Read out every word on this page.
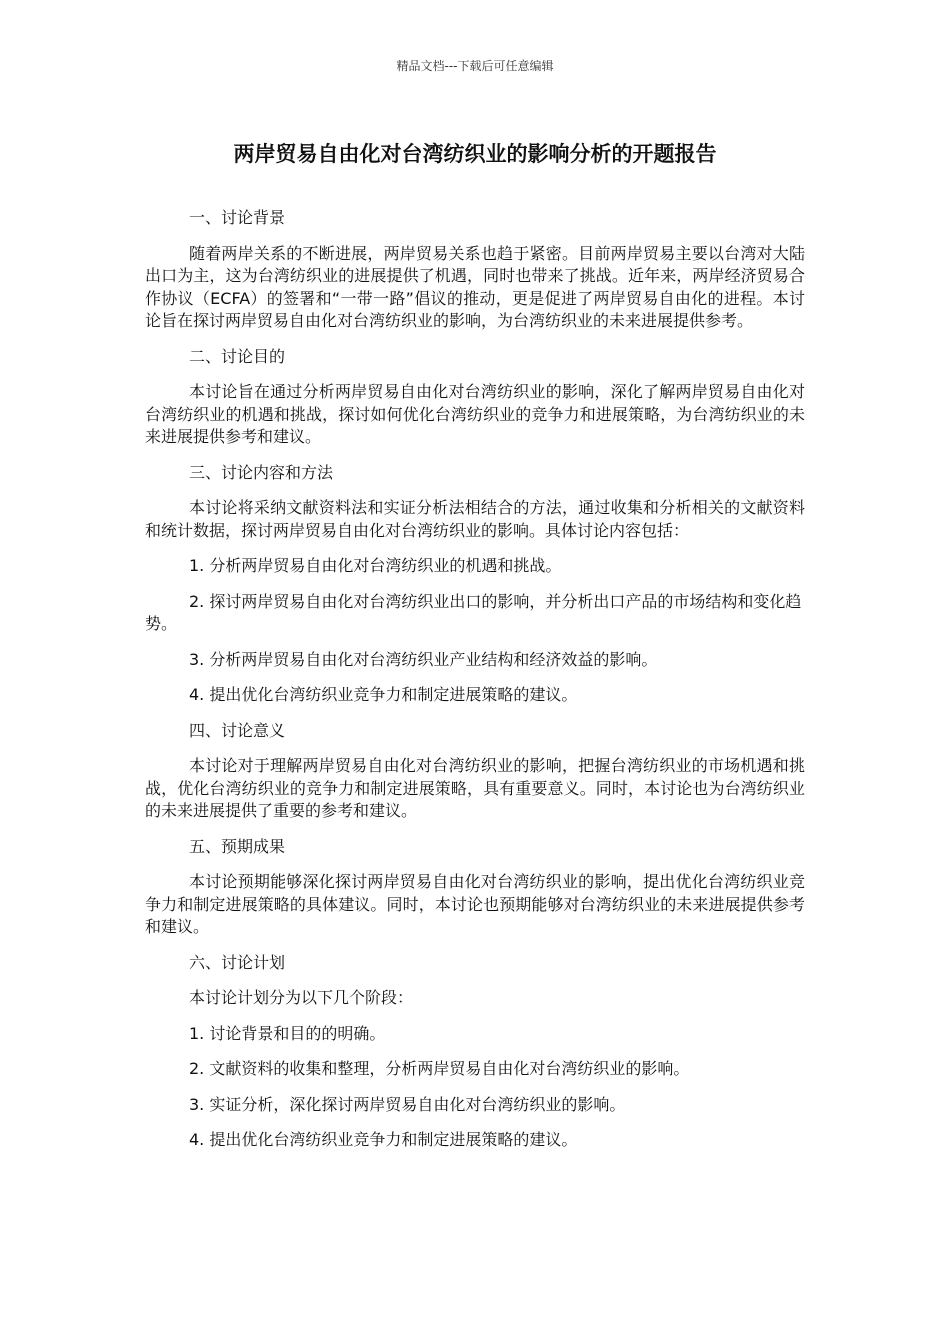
精品文档---下载后可任意编辑
两岸贸易自由化对台湾纺织业的影响分析的开题报告
一、讨论背景
随着两岸关系的不断进展，两岸贸易关系也趋于紧密。目前两岸贸易主要以台湾对大陆出口为主，这为台湾纺织业的进展提供了机遇，同时也带来了挑战。近年来，两岸经济贸易合作协议（ECFA）的签署和“一带一路”倡议的推动，更是促进了两岸贸易自由化的进程。本讨论旨在探讨两岸贸易自由化对台湾纺织业的影响，为台湾纺织业的未来进展提供参考。
二、讨论目的
本讨论旨在通过分析两岸贸易自由化对台湾纺织业的影响，深化了解两岸贸易自由化对台湾纺织业的机遇和挑战，探讨如何优化台湾纺织业的竞争力和进展策略，为台湾纺织业的未来进展提供参考和建议。
三、讨论内容和方法
本讨论将采纳文献资料法和实证分析法相结合的方法，通过收集和分析相关的文献资料和统计数据，探讨两岸贸易自由化对台湾纺织业的影响。具体讨论内容包括：
1. 分析两岸贸易自由化对台湾纺织业的机遇和挑战。
2. 探讨两岸贸易自由化对台湾纺织业出口的影响，并分析出口产品的市场结构和变化趋势。
3. 分析两岸贸易自由化对台湾纺织业产业结构和经济效益的影响。
4. 提出优化台湾纺织业竞争力和制定进展策略的建议。
四、讨论意义
本讨论对于理解两岸贸易自由化对台湾纺织业的影响，把握台湾纺织业的市场机遇和挑战，优化台湾纺织业的竞争力和制定进展策略，具有重要意义。同时，本讨论也为台湾纺织业的未来进展提供了重要的参考和建议。
五、预期成果
本讨论预期能够深化探讨两岸贸易自由化对台湾纺织业的影响，提出优化台湾纺织业竞争力和制定进展策略的具体建议。同时，本讨论也预期能够对台湾纺织业的未来进展提供参考和建议。
六、讨论计划
本讨论计划分为以下几个阶段：
1. 讨论背景和目的的明确。
2. 文献资料的收集和整理，分析两岸贸易自由化对台湾纺织业的影响。
3. 实证分析，深化探讨两岸贸易自由化对台湾纺织业的影响。
4. 提出优化台湾纺织业竞争力和制定进展策略的建议。
